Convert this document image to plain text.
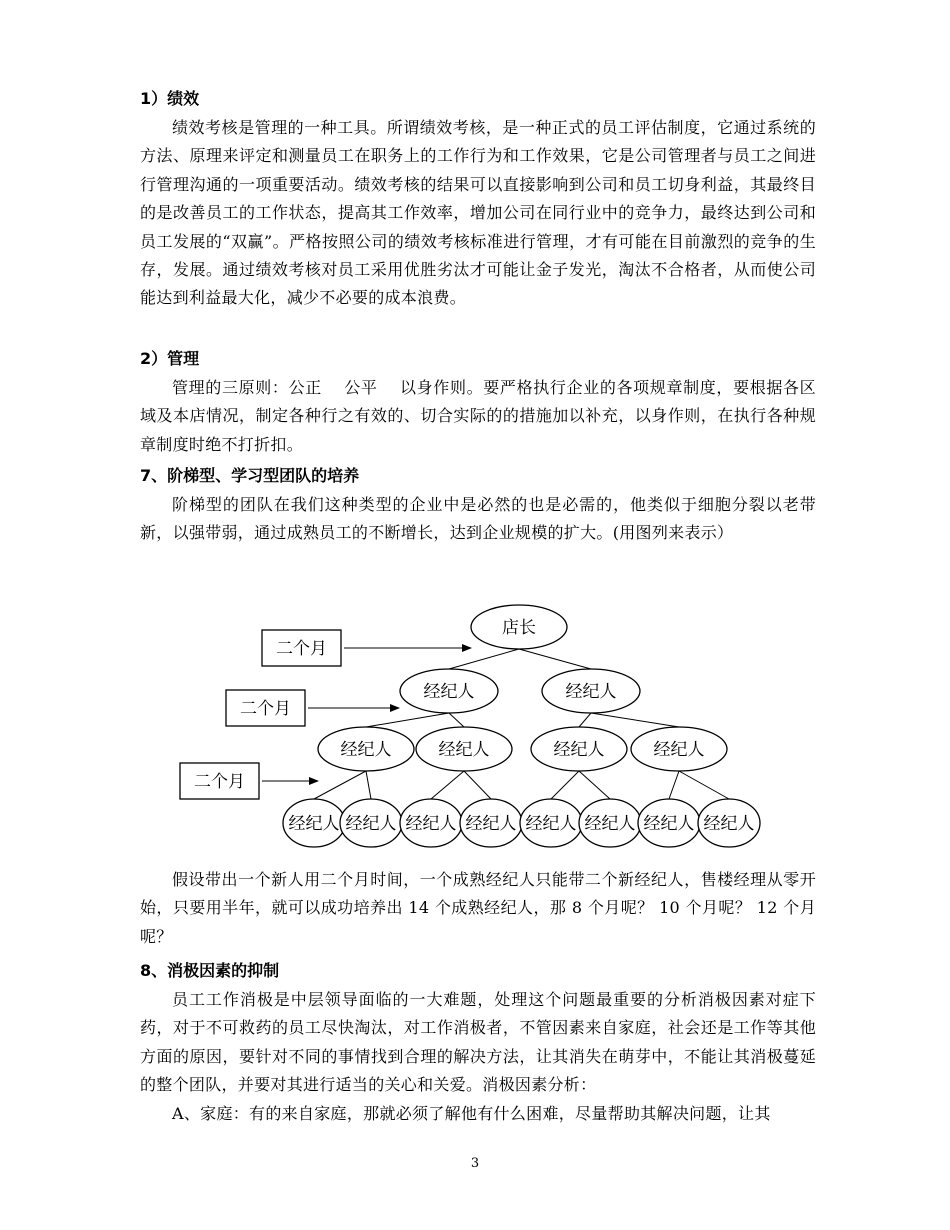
1）绩效

绩效考核是管理的一种工具。所谓绩效考核，是一种正式的员工评估制度，它通过系统的方法、原理来评定和测量员工在职务上的工作行为和工作效果，它是公司管理者与员工之间进行管理沟通的一项重要活动。绩效考核的结果可以直接影响到公司和员工切身利益，其最终目的是改善员工的工作状态，提高其工作效率，增加公司在同行业中的竞争力，最终达到公司和员工发展的“双赢”。严格按照公司的绩效考核标准进行管理，才有可能在目前激烈的竞争的生存，发展。通过绩效考核对员工采用优胜劣汰才可能让金子发光，淘汰不合格者，从而使公司能达到利益最大化，减少不必要的成本浪费。

2）管理

管理的三原则：公正　 公平　 以身作则。要严格执行企业的各项规章制度，要根据各区域及本店情况，制定各种行之有效的、切合实际的的措施加以补充，以身作则，在执行各种规章制度时绝不打折扣。

7、阶梯型、学习型团队的培养

阶梯型的团队在我们这种类型的企业中是必然的也是必需的，他类似于细胞分裂以老带新，以强带弱，通过成熟员工的不断增长，达到企业规模的扩大。(用图列来表示）

店长
经纪人	经纪人
经纪人	经纪人	经纪人	经纪人
经纪人 经纪人 经纪人 经纪人 经纪人 经纪人 经纪人 经纪人
二个月
二个月
二个月

假设带出一个新人用二个月时间，一个成熟经纪人只能带二个新经纪人，售楼经理从零开始，只要用半年，就可以成功培养出 14 个成熟经纪人，那 8 个月呢？ 10 个月呢？ 12 个月呢？

8、消极因素的抑制

员工工作消极是中层领导面临的一大难题，处理这个问题最重要的分析消极因素对症下药，对于不可救药的员工尽快淘汰，对工作消极者，不管因素来自家庭，社会还是工作等其他方面的原因，要针对不同的事情找到合理的解决方法，让其消失在萌芽中，不能让其消极蔓延的整个团队，并要对其进行适当的关心和关爱。消极因素分析：

A、家庭：有的来自家庭，那就必须了解他有什么困难，尽量帮助其解决问题，让其

3
